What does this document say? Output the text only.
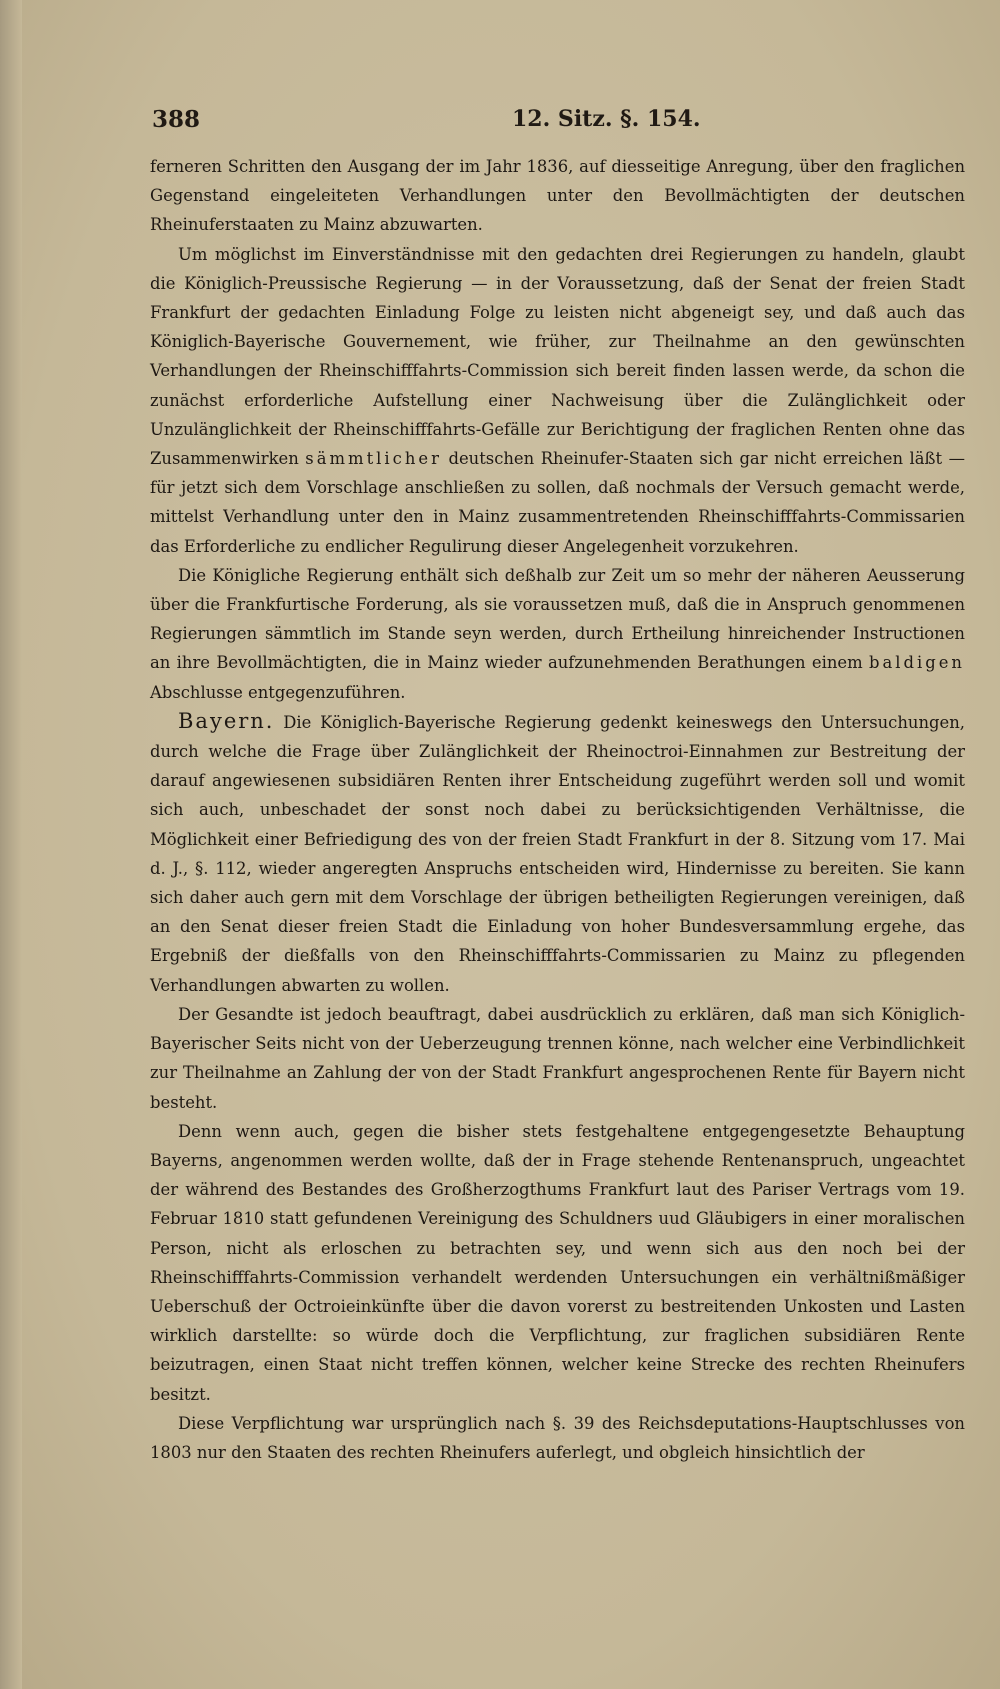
388	12. Sitz. §. 154.

ferneren Schritten den Ausgang der im Jahr 1836, auf diesseitige Anregung, über den fraglichen Gegenstand eingeleiteten Verhandlungen unter den Bevollmächtigten der deutschen Rheinuferstaaten zu Mainz abzuwarten.

Um möglichst im Einverständnisse mit den gedachten drei Regierungen zu handeln, glaubt die Königlich-Preussische Regierung — in der Voraussetzung, daß der Senat der freien Stadt Frankfurt der gedachten Einladung Folge zu leisten nicht abgeneigt sey, und daß auch das Königlich-Bayerische Gouvernement, wie früher, zur Theilnahme an den gewünschten Verhandlungen der Rheinschifffahrts-Commission sich bereit finden lassen werde, da schon die zunächst erforderliche Aufstellung einer Nachweisung über die Zulänglichkeit oder Unzulänglichkeit der Rheinschifffahrts-Gefälle zur Berichtigung der fraglichen Renten ohne das Zusammenwirken sämmtlicher deutschen Rheinufer-Staaten sich gar nicht erreichen läßt — für jetzt sich dem Vorschlage anschließen zu sollen, daß nochmals der Versuch gemacht werde, mittelst Verhandlung unter den in Mainz zusammentretenden Rheinschifffahrts-Commissarien das Erforderliche zu endlicher Regulirung dieser Angelegenheit vorzukehren.

Die Königliche Regierung enthält sich deßhalb zur Zeit um so mehr der näheren Aeusserung über die Frankfurtische Forderung, als sie voraussetzen muß, daß die in Anspruch genommenen Regierungen sämmtlich im Stande seyn werden, durch Ertheilung hinreichender Instructionen an ihre Bevollmächtigten, die in Mainz wieder aufzunehmenden Berathungen einem baldigen Abschlusse entgegenzuführen.

Bayern. Die Königlich-Bayerische Regierung gedenkt keineswegs den Untersuchungen, durch welche die Frage über Zulänglichkeit der Rheinoctroi-Einnahmen zur Bestreitung der darauf angewiesenen subsidiären Renten ihrer Entscheidung zugeführt werden soll und womit sich auch, unbeschadet der sonst noch dabei zu berücksichtigenden Verhältnisse, die Möglichkeit einer Befriedigung des von der freien Stadt Frankfurt in der 8. Sitzung vom 17. Mai d. J., §. 112, wieder angeregten Anspruchs entscheiden wird, Hindernisse zu bereiten. Sie kann sich daher auch gern mit dem Vorschlage der übrigen betheiligten Regierungen vereinigen, daß an den Senat dieser freien Stadt die Einladung von hoher Bundesversammlung ergehe, das Ergebniß der dießfalls von den Rheinschifffahrts-Commissarien zu Mainz zu pflegenden Verhandlungen abwarten zu wollen.

Der Gesandte ist jedoch beauftragt, dabei ausdrücklich zu erklären, daß man sich Königlich-Bayerischer Seits nicht von der Ueberzeugung trennen könne, nach welcher eine Verbindlichkeit zur Theilnahme an Zahlung der von der Stadt Frankfurt angesprochenen Rente für Bayern nicht besteht.

Denn wenn auch, gegen die bisher stets festgehaltene entgegengesetzte Behauptung Bayerns, angenommen werden wollte, daß der in Frage stehende Rentenanspruch, ungeachtet der während des Bestandes des Großherzogthums Frankfurt laut des Pariser Vertrags vom 19. Februar 1810 statt gefundenen Vereinigung des Schuldners uud Gläubigers in einer moralischen Person, nicht als erloschen zu betrachten sey, und wenn sich aus den noch bei der Rheinschifffahrts-Commission verhandelt werdenden Untersuchungen ein verhältnißmäßiger Ueberschuß der Octroieinkünfte über die davon vorerst zu bestreitenden Unkosten und Lasten wirklich darstellte: so würde doch die Verpflichtung, zur fraglichen subsidiären Rente beizutragen, einen Staat nicht treffen können, welcher keine Strecke des rechten Rheinufers besitzt.

Diese Verpflichtung war ursprünglich nach §. 39 des Reichsdeputations-Hauptschlusses von 1803 nur den Staaten des rechten Rheinufers auferlegt, und obgleich hinsichtlich der
